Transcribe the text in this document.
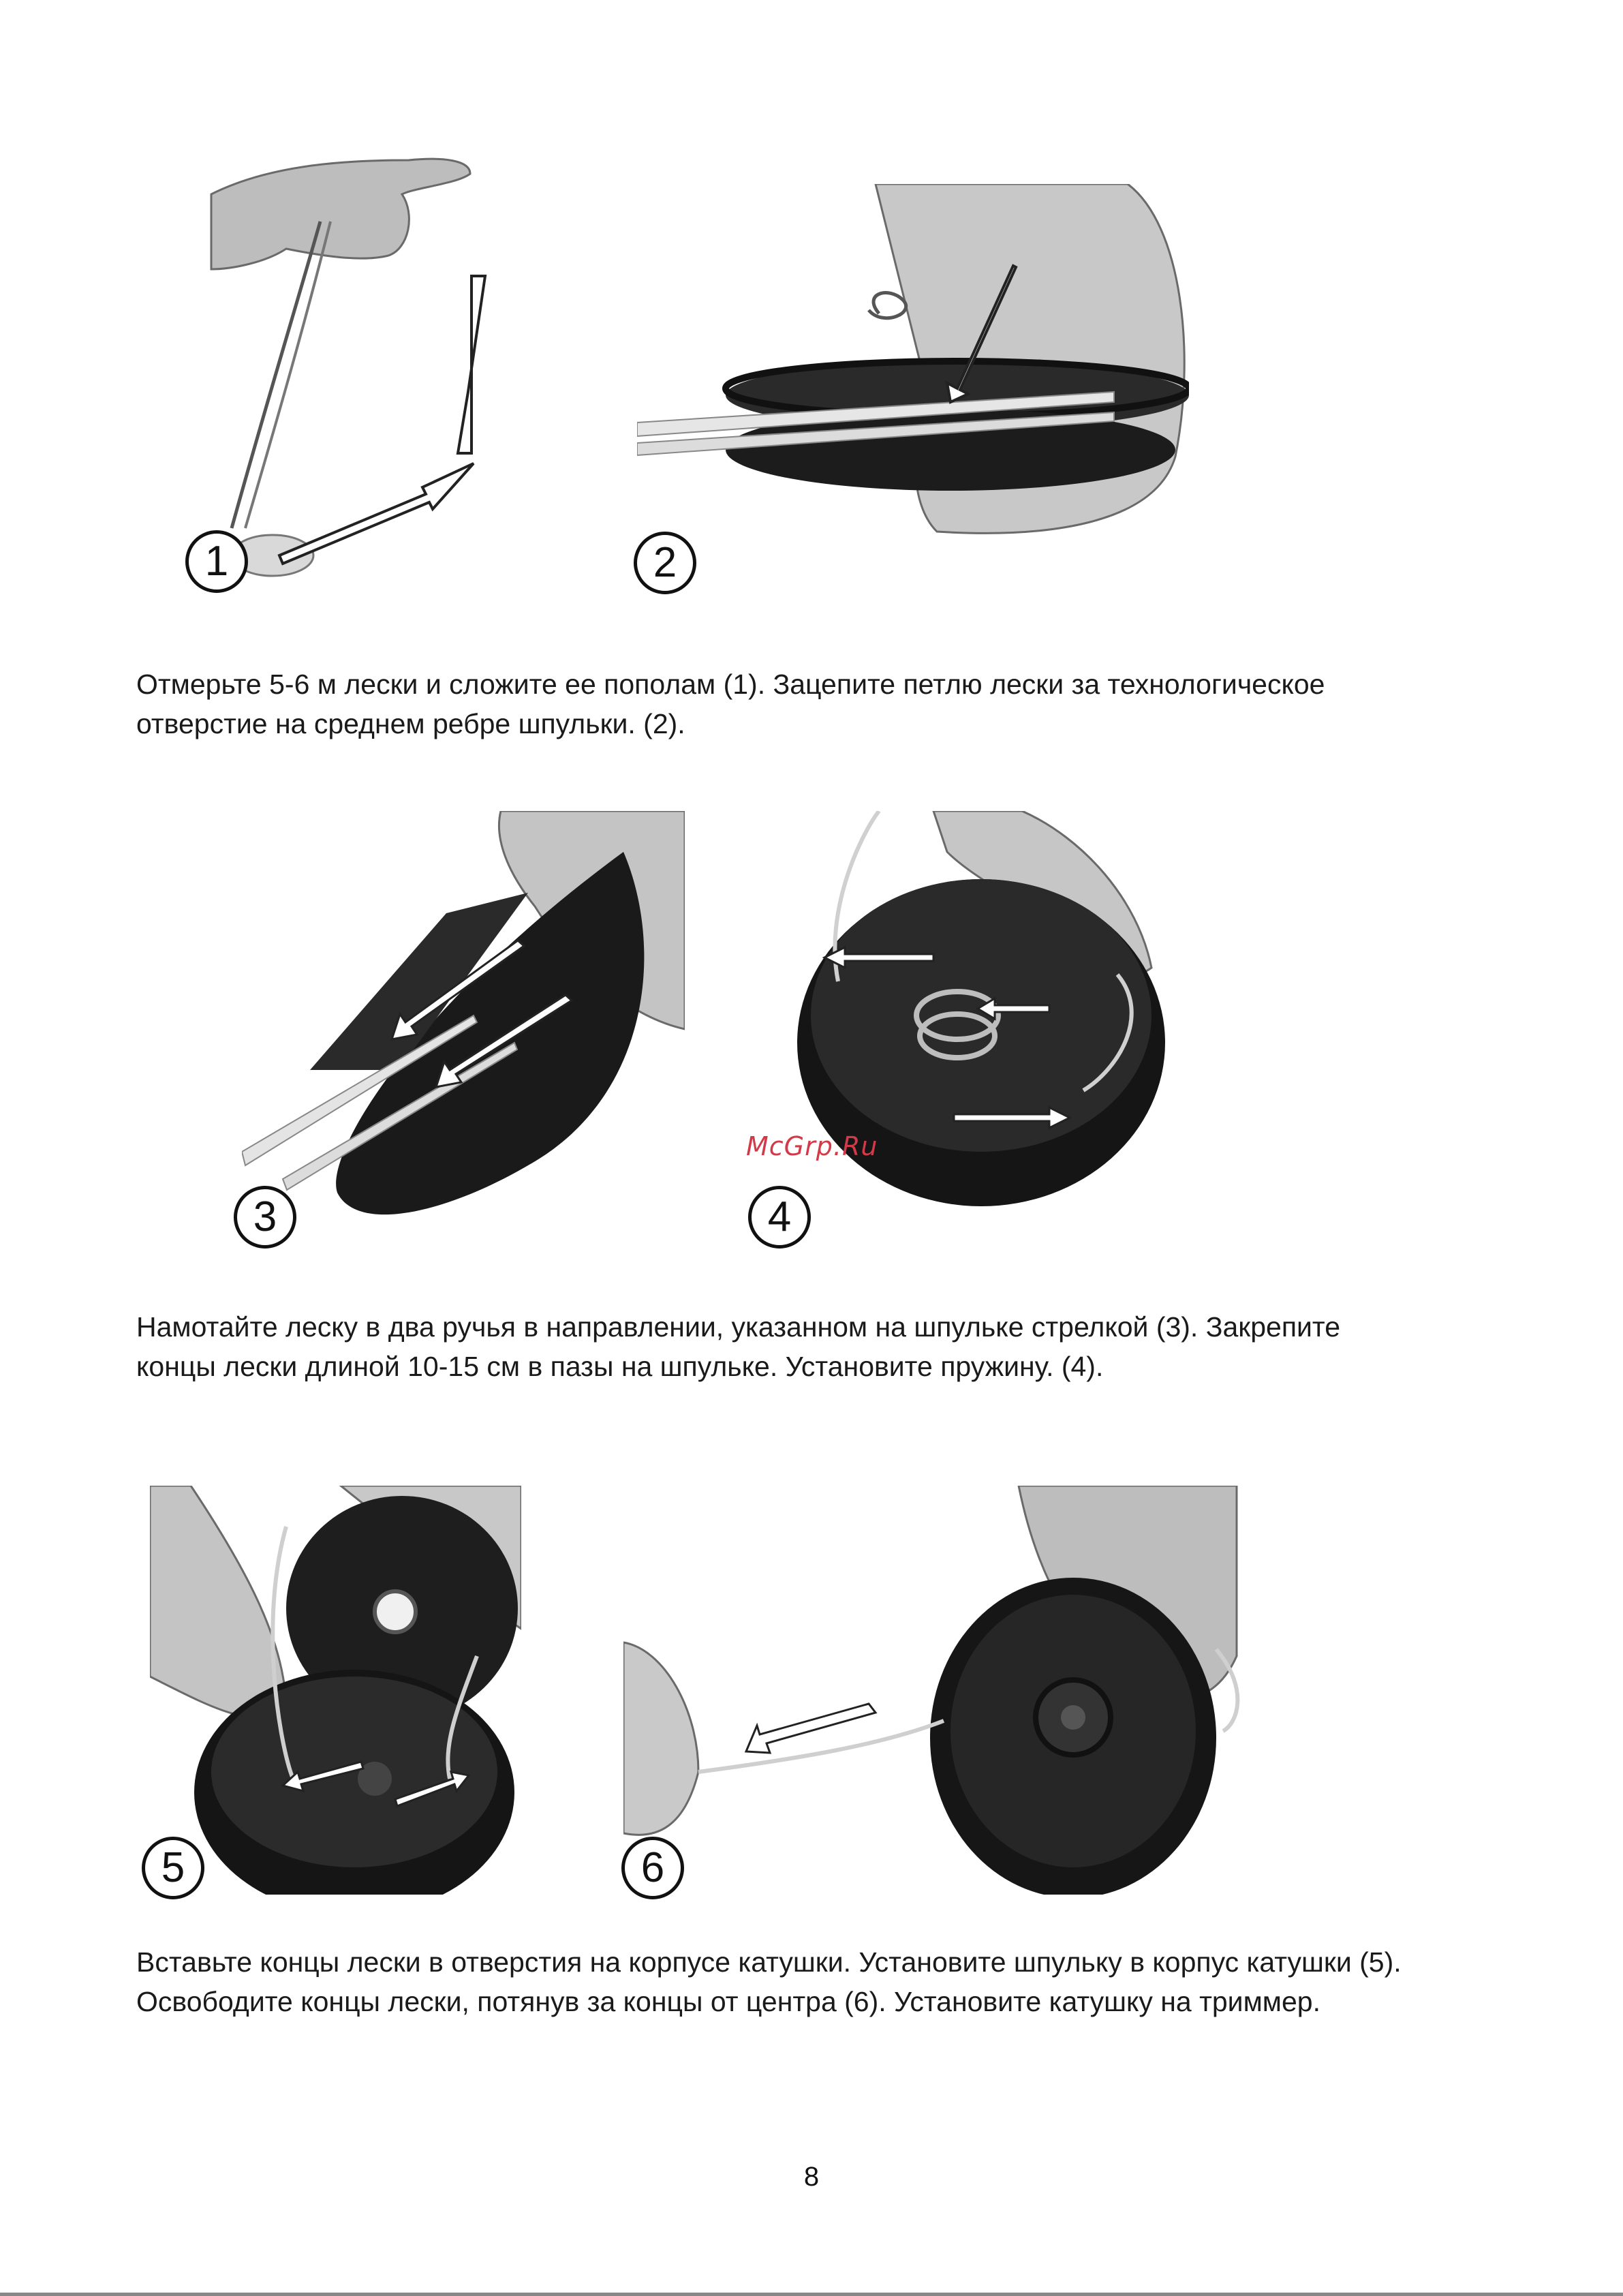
1	2

Отмерьте 5-6 м лески и сложите ее пополам (1). Зацепите петлю лески за технологическое

отверстие на среднем ребре шпульки. (2).

3
McGrp.Ru
4

Намотайте леску в два ручья в направлении, указанном на шпульке стрелкой (3). Закрепите

концы лески длиной 10-15 см в пазы на шпульке. Установите пружину. (4).

5	6

Вставьте концы лески в отверстия на корпусе катушки. Установите шпульку в корпус катушки (5).

Освободите концы лески, потянув за концы от центра (6). Установите катушку на триммер.

8
